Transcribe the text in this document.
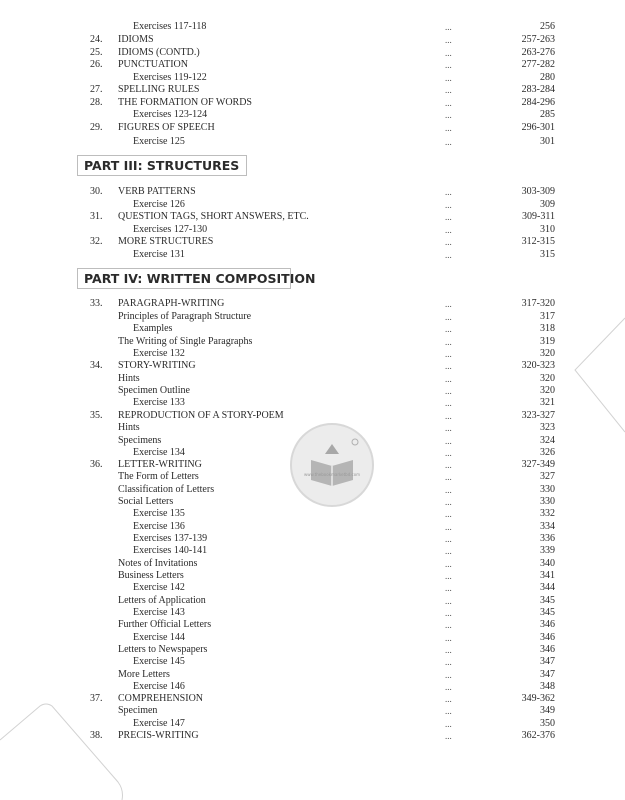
www.thebookmarketbd.com
PART III: STRUCTURES
PART IV: WRITTEN COMPOSITION
Exercises 117-118	...	256
24. IDIOMS	...	257-263
25. IDIOMS (CONTD.)	...	263-276
26. PUNCTUATION	...	277-282
Exercises 119-122	...	280
27. SPELLING RULES	...	283-284
28. THE FORMATION OF WORDS	...	284-296
Exercises 123-124	...	285
29. FIGURES OF SPEECH	...	296-301
Exercise 125	...	301
30. VERB PATTERNS	...	303-309
Exercise 126	...	309
31. QUESTION TAGS, SHORT ANSWERS, ETC.	...	309-311
Exercises 127-130	...	310
32. MORE STRUCTURES	...	312-315
Exercise 131	...	315
33. PARAGRAPH-WRITING	...	317-320
Principles of Paragraph Structure	...	317
Examples	...	318
The Writing of Single Paragraphs	...	319
Exercise 132	...	320
34. STORY-WRITING	...	320-323
Hints	...	320
Specimen Outline	...	320
Exercise 133	...	321
35. REPRODUCTION OF A STORY-POEM	...	323-327
Hints	...	323
Specimens	...	324
Exercise 134	...	326
36. LETTER-WRITING	...	327-349
The Form of Letters	...	327
Classification of Letters	...	330
Social Letters	...	330
Exercise 135	...	332
Exercise 136	...	334
Exercises 137-139	...	336
Exercises 140-141	...	339
Notes of Invitations	...	340
Business Letters	...	341
Exercise 142	...	344
Letters of Application	...	345
Exercise 143	...	345
Further Official Letters	...	346
Exercise 144	...	346
Letters to Newspapers	...	346
Exercise 145	...	347
More Letters	...	347
Exercise 146	...	348
37. COMPREHENSION	...	349-362
Specimen	...	349
Exercise 147	...	350
38. PRECIS-WRITING	...	362-376
